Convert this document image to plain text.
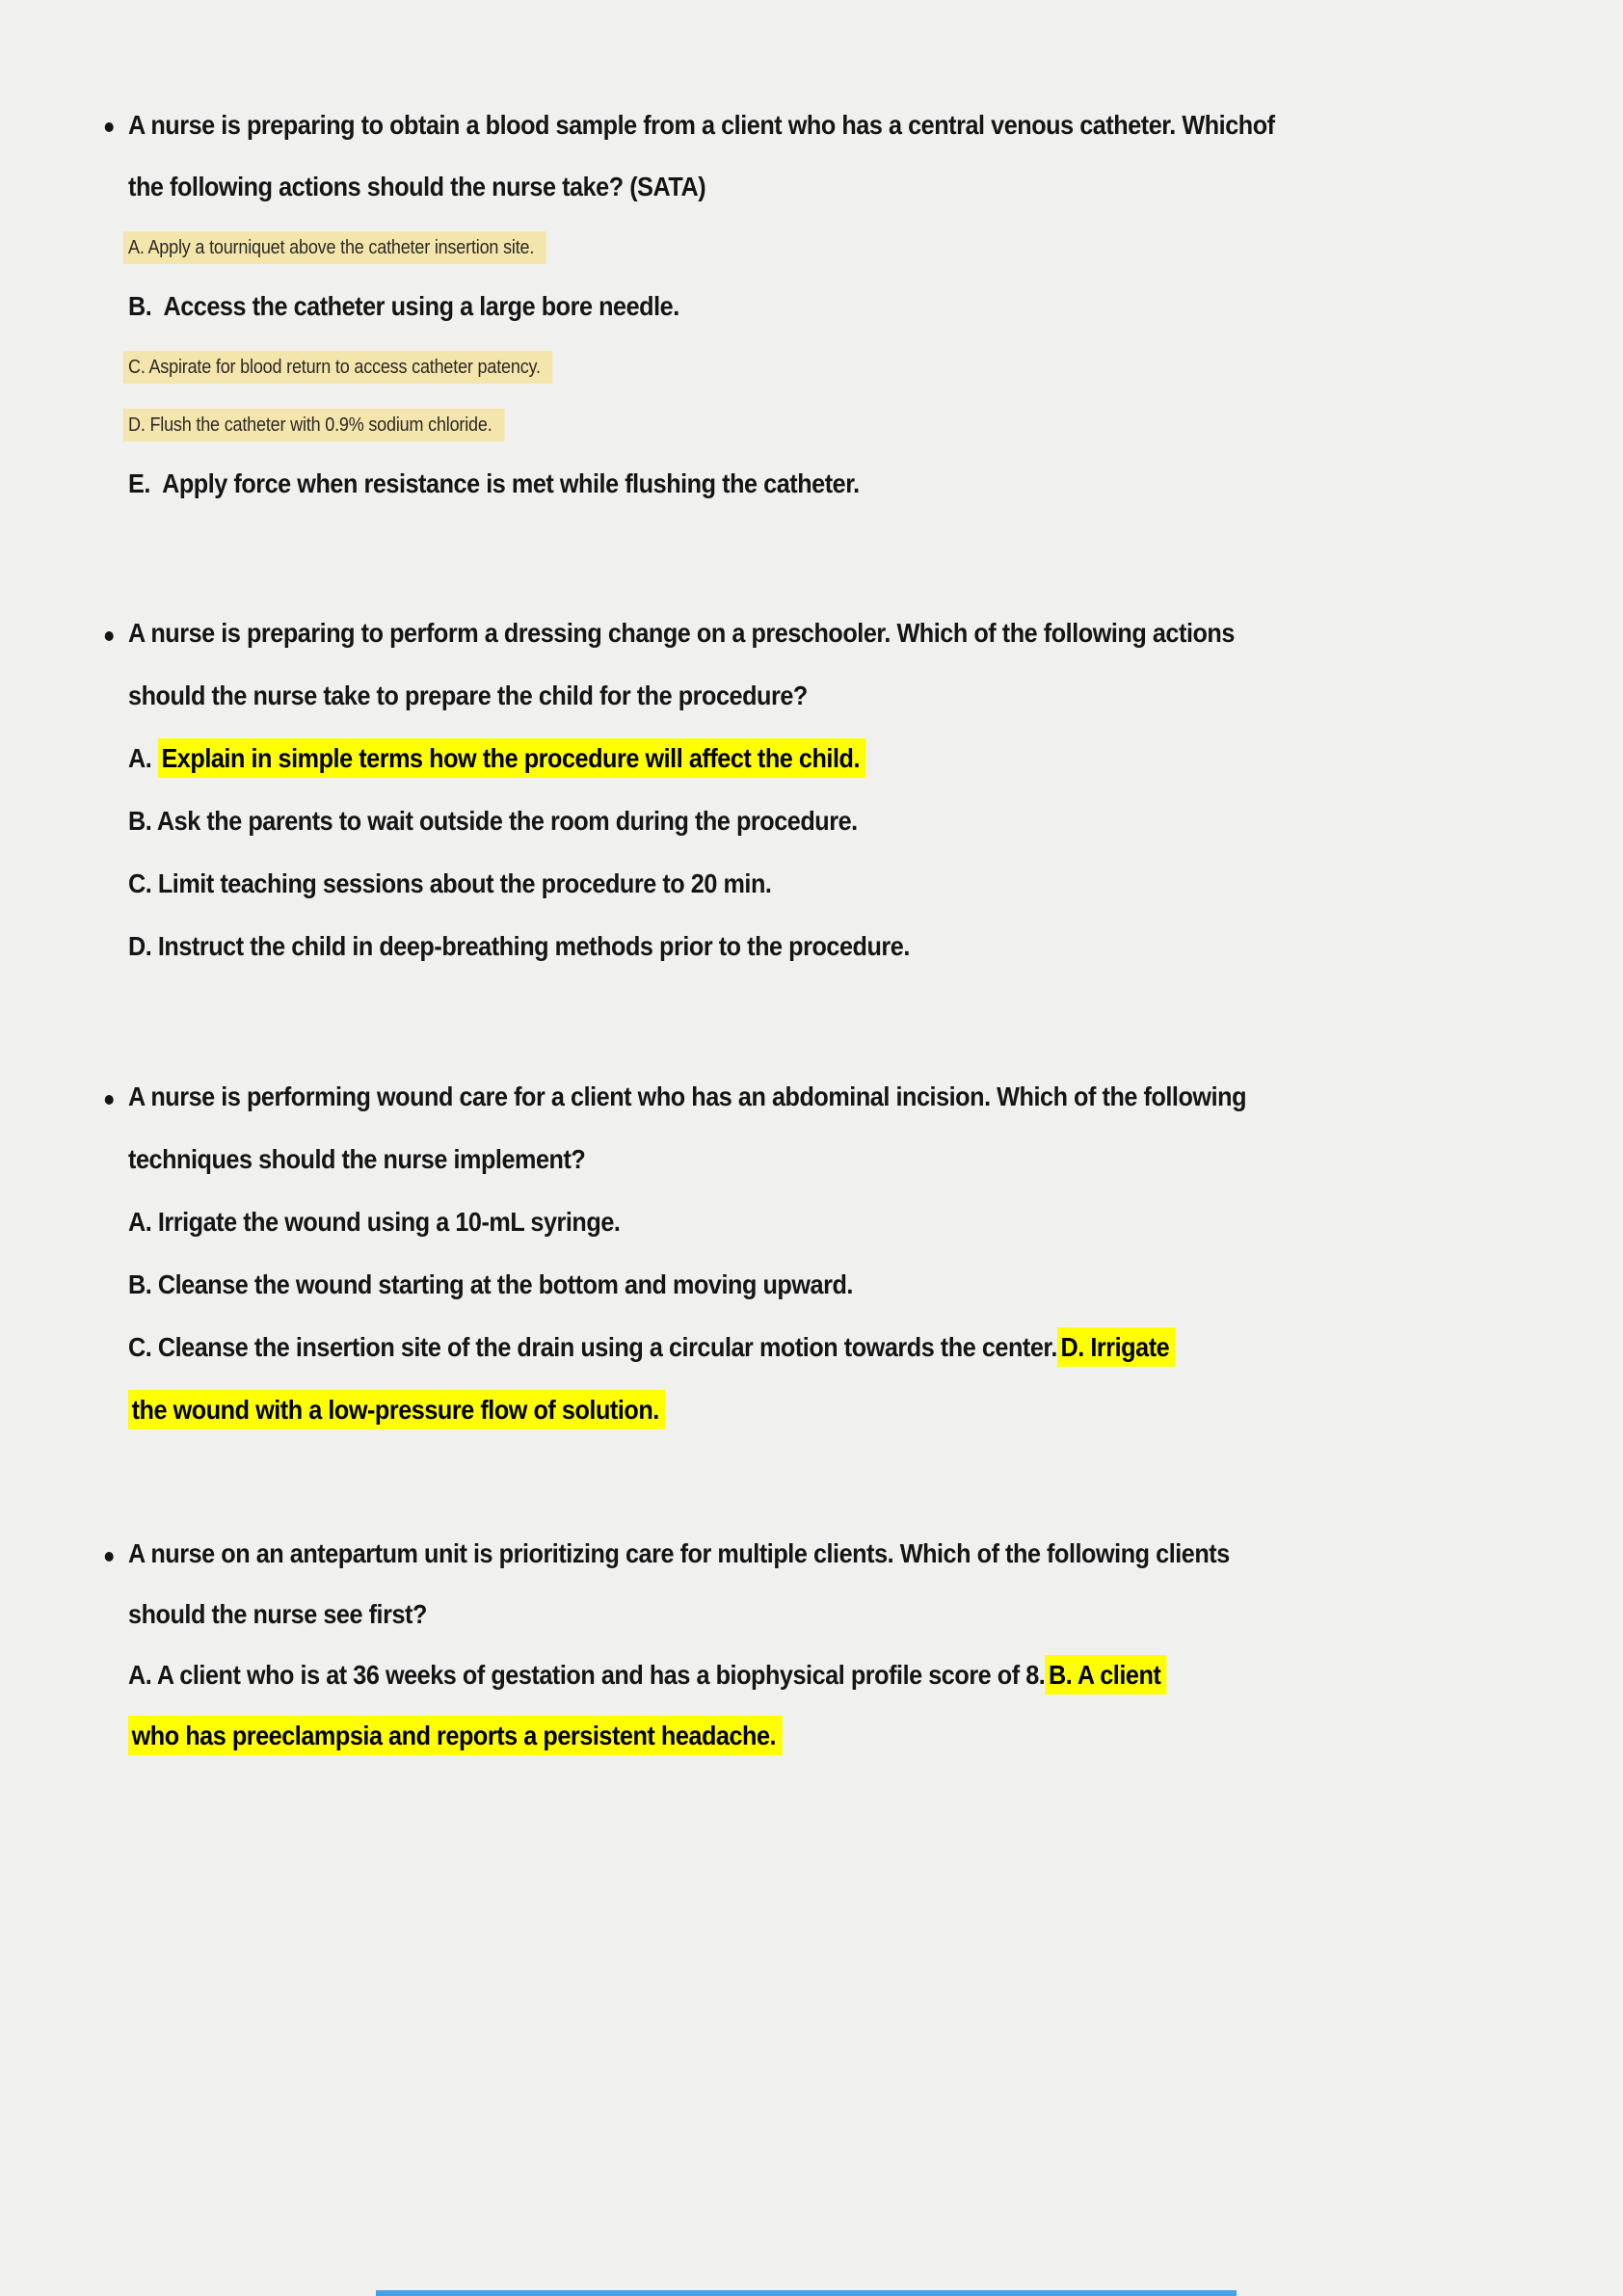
A nurse is preparing to obtain a blood sample from a client who has a central venous catheter. Whichof
the following actions should the nurse take? (SATA)
A. Apply a tourniquet above the catheter insertion site.
B.  Access the catheter using a large bore needle.
C. Aspirate for blood return to access catheter patency.
D. Flush the catheter with 0.9% sodium chloride.
E.  Apply force when resistance is met while flushing the catheter.
A nurse is preparing to perform a dressing change on a preschooler. Which of the following actions
should the nurse take to prepare the child for the procedure?
A. Explain in simple terms how the procedure will affect the child.
B. Ask the parents to wait outside the room during the procedure.
C. Limit teaching sessions about the procedure to 20 min.
D. Instruct the child in deep-breathing methods prior to the procedure.
A nurse is performing wound care for a client who has an abdominal incision. Which of the following
techniques should the nurse implement?
A. Irrigate the wound using a 10-mL syringe.
B. Cleanse the wound starting at the bottom and moving upward.
C. Cleanse the insertion site of the drain using a circular motion towards the center. D. Irrigate
the wound with a low-pressure flow of solution.
A nurse on an antepartum unit is prioritizing care for multiple clients. Which of the following clients
should the nurse see first?
A. A client who is at 36 weeks of gestation and has a biophysical profile score of 8. B. A client
who has preeclampsia and reports a persistent headache.
